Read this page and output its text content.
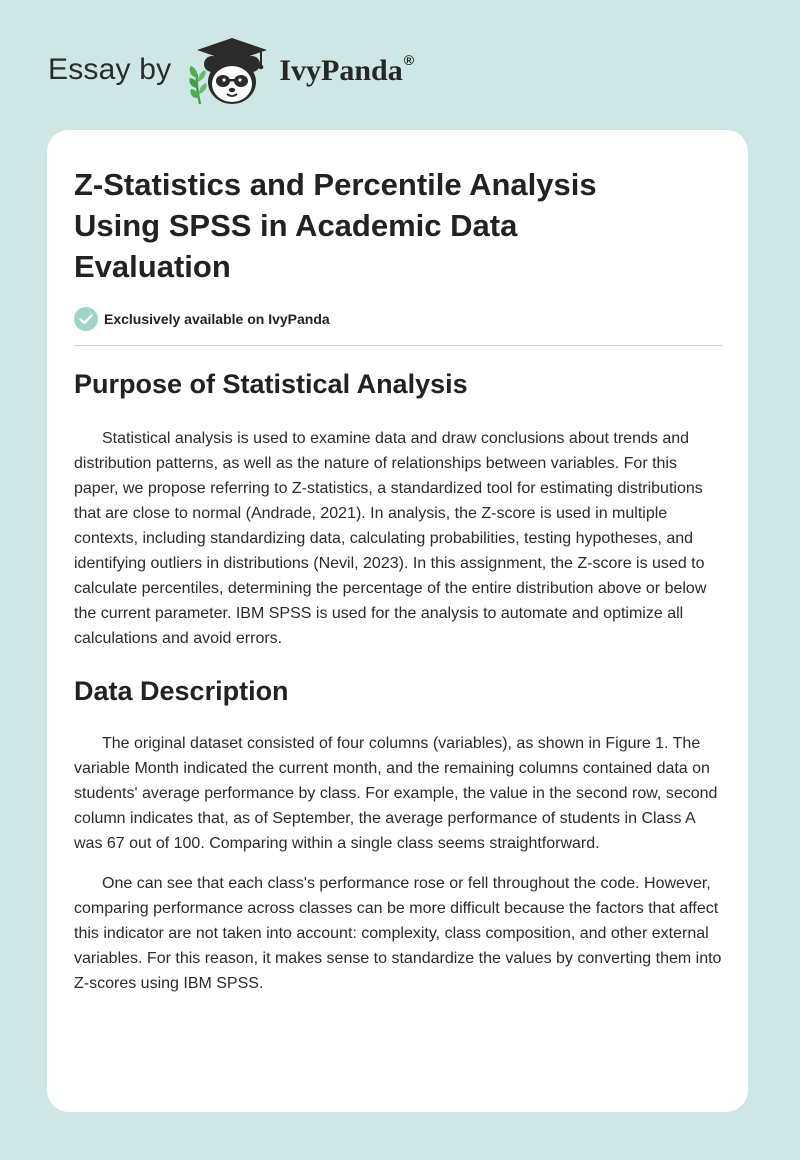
Essay by	IvyPanda®
Z-Statistics and Percentile Analysis Using SPSS in Academic Data Evaluation
Exclusively available on IvyPanda
Purpose of Statistical Analysis

Statistical analysis is used to examine data and draw conclusions about trends and distribution patterns, as well as the nature of relationships between variables. For this paper, we propose referring to Z-statistics, a standardized tool for estimating distributions that are close to normal (Andrade, 2021). In analysis, the Z-score is used in multiple contexts, including standardizing data, calculating probabilities, testing hypotheses, and identifying outliers in distributions (Nevil, 2023). In this assignment, the Z-score is used to calculate percentiles, determining the percentage of the entire distribution above or below the current parameter. IBM SPSS is used for the analysis to automate and optimize all calculations and avoid errors.

Data Description

The original dataset consisted of four columns (variables), as shown in Figure 1. The variable Month indicated the current month, and the remaining columns contained data on students' average performance by class. For example, the value in the second row, second column indicates that, as of September, the average performance of students in Class A was 67 out of 100. Comparing within a single class seems straightforward.

One can see that each class's performance rose or fell throughout the code. However, comparing performance across classes can be more difficult because the factors that affect this indicator are not taken into account: complexity, class composition, and other external variables. For this reason, it makes sense to standardize the values by converting them into Z-scores using IBM SPSS.
